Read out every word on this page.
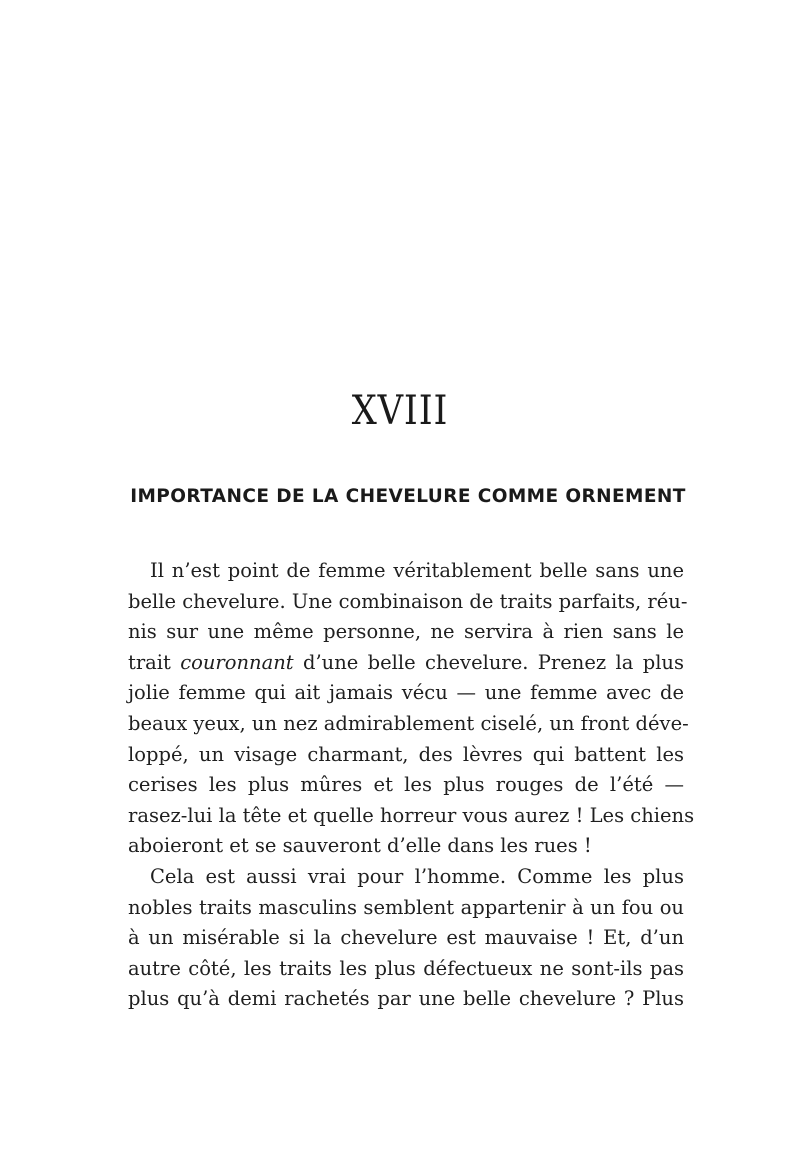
XVIII
IMPORTANCE DE LA CHEVELURE COMME ORNEMENT
Il n’est point de femme véritablement belle sans une
belle chevelure. Une combinaison de traits parfaits, réu-
nis sur une même personne, ne servira à rien sans le
trait couronnant d’une belle chevelure. Prenez la plus
jolie femme qui ait jamais vécu — une femme avec de
beaux yeux, un nez admirablement ciselé, un front déve-
loppé, un visage charmant, des lèvres qui battent les
cerises les plus mûres et les plus rouges de l’été —
rasez-lui la tête et quelle horreur vous aurez ! Les chiens
aboieront et se sauveront d’elle dans les rues !
Cela est aussi vrai pour l’homme. Comme les plus
nobles traits masculins semblent appartenir à un fou ou
à un misérable si la chevelure est mauvaise ! Et, d’un
autre côté, les traits les plus défectueux ne sont-ils pas
plus qu’à demi rachetés par une belle chevelure ? Plus
